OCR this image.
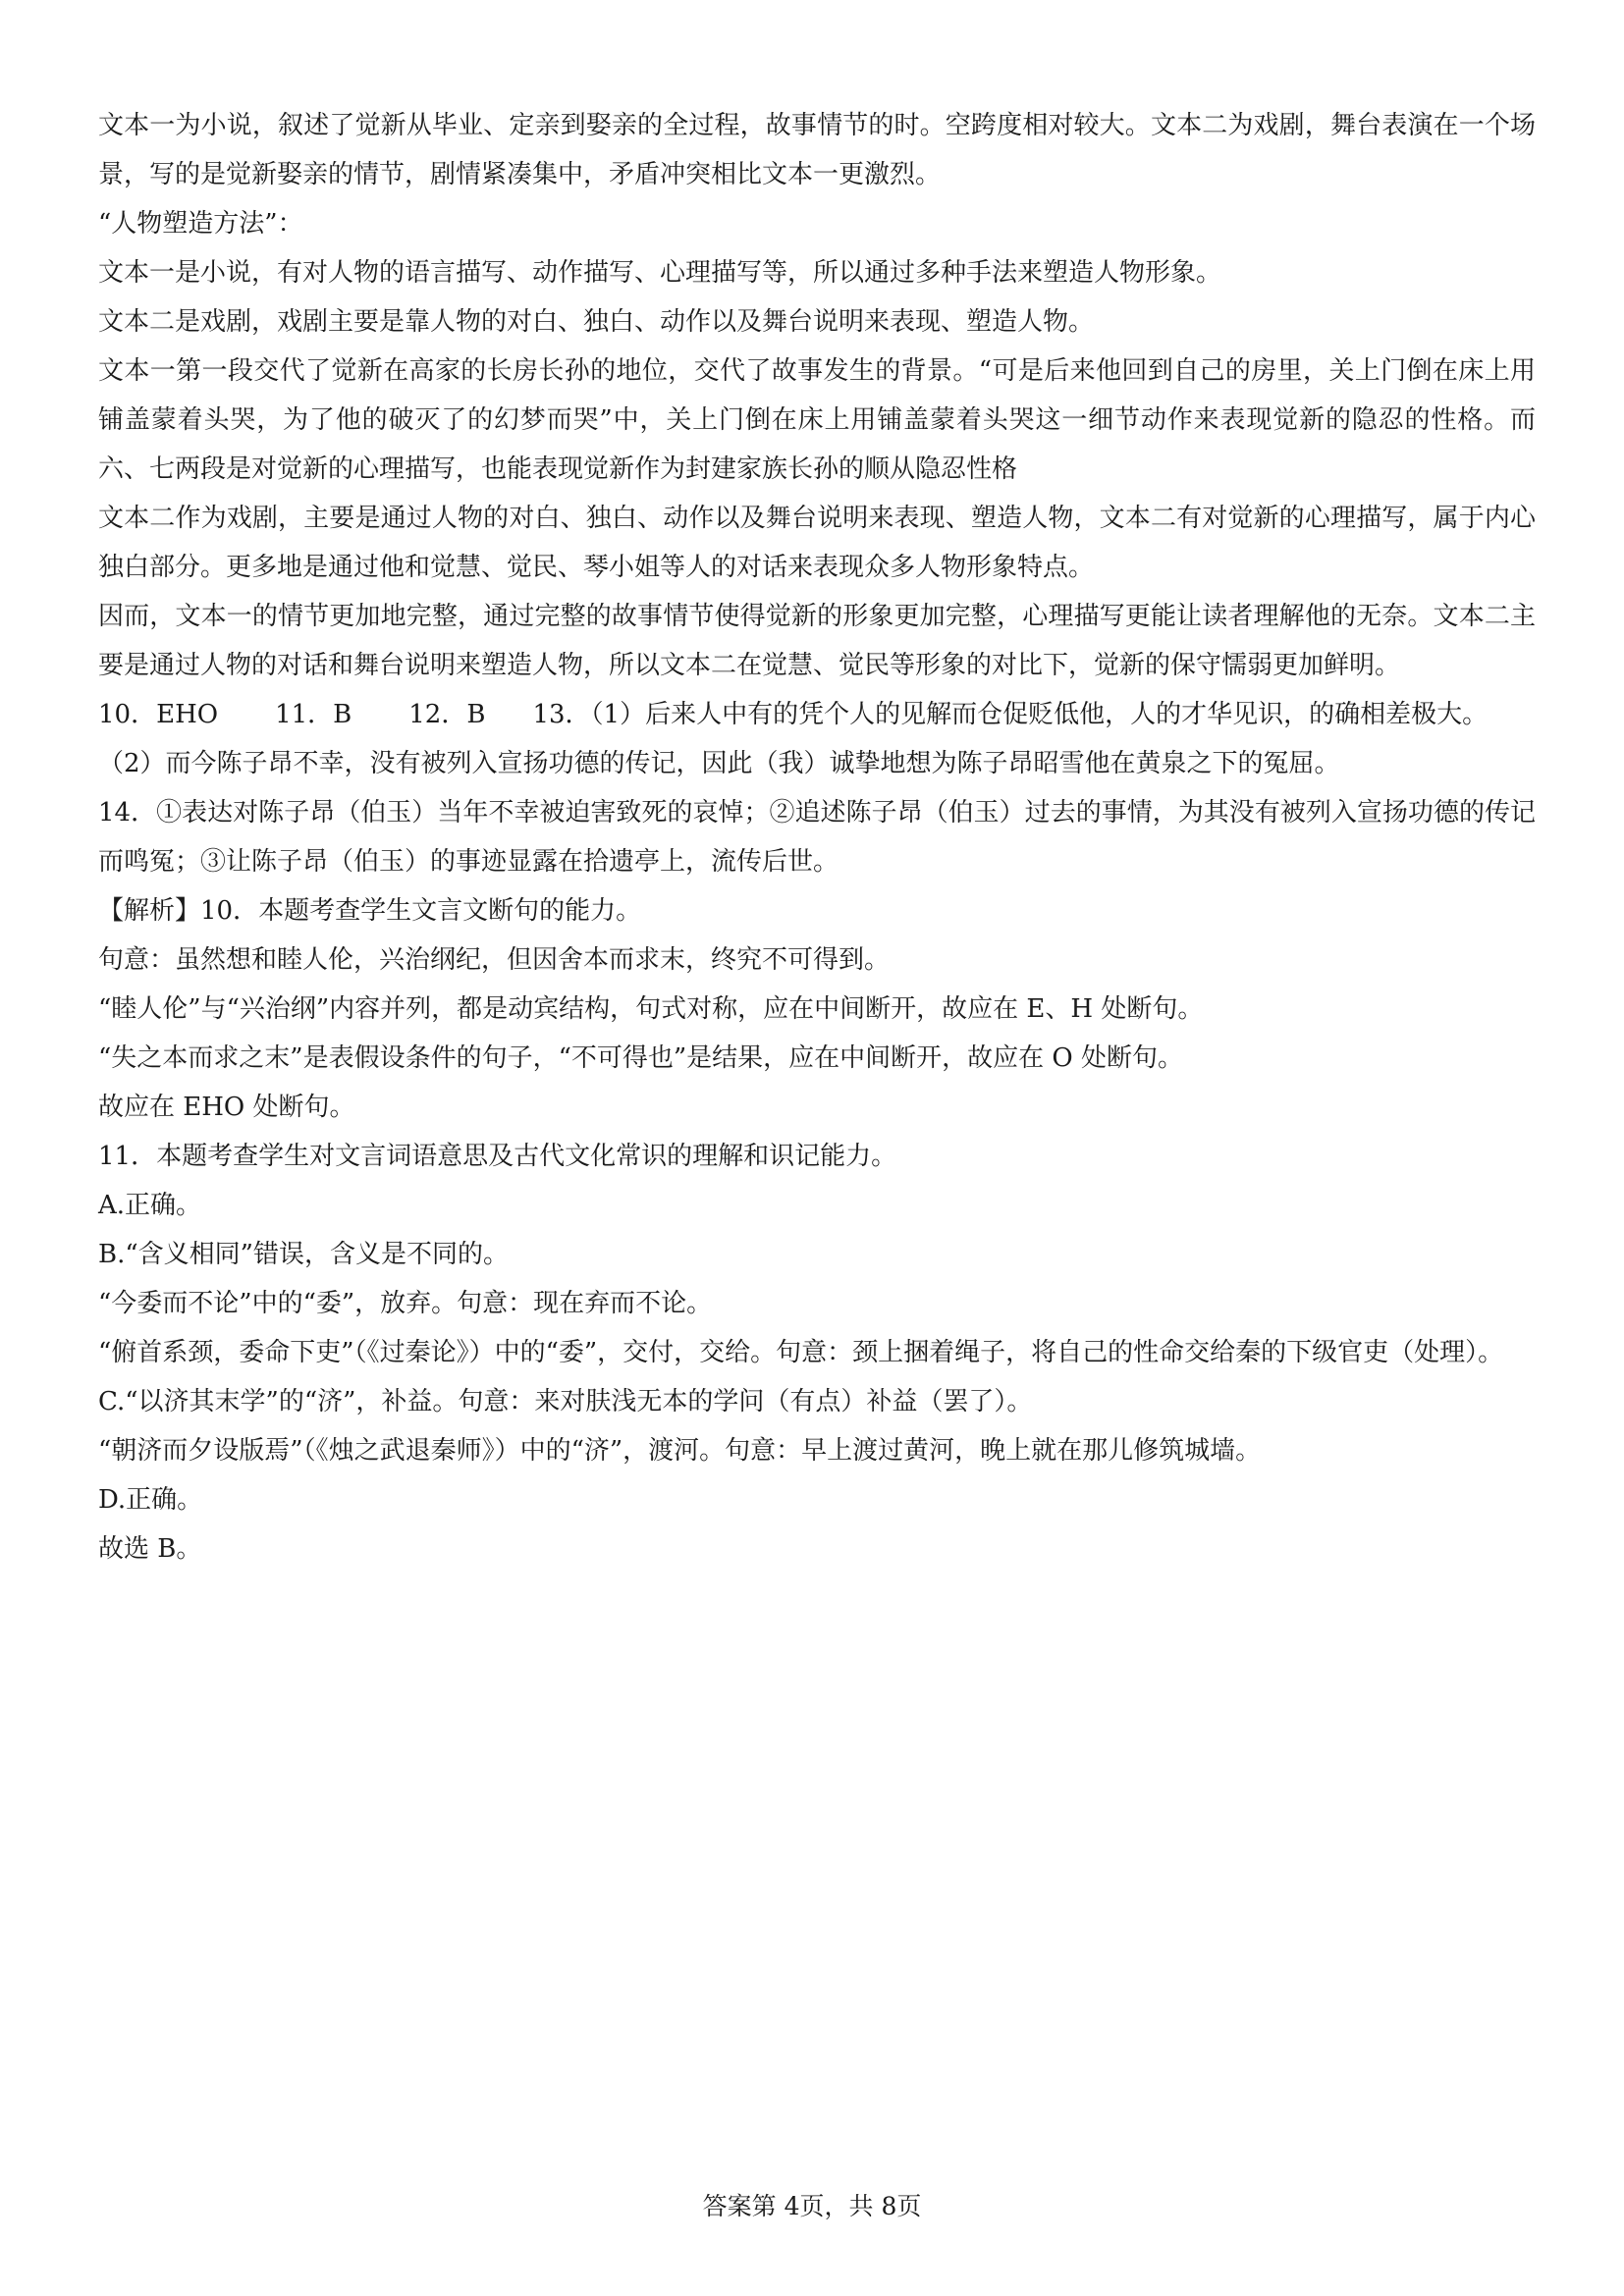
文本一为小说，叙述了觉新从毕业、定亲到娶亲的全过程，故事情节的时。空跨度相对较大。文本二为戏剧，舞台表演在一个场景，写的是觉新娶亲的情节，剧情紧凑集中，矛盾冲突相比文本一更激烈。

“人物塑造方法”：

文本一是小说，有对人物的语言描写、动作描写、心理描写等，所以通过多种手法来塑造人物形象。

文本二是戏剧，戏剧主要是靠人物的对白、独白、动作以及舞台说明来表现、塑造人物。

文本一第一段交代了觉新在高家的长房长孙的地位，交代了故事发生的背景。“可是后来他回到自己的房里，关上门倒在床上用铺盖蒙着头哭，为了他的破灭了的幻梦而哭”中，关上门倒在床上用铺盖蒙着头哭这一细节动作来表现觉新的隐忍的性格。而六、七两段是对觉新的心理描写，也能表现觉新作为封建家族长孙的顺从隐忍性格

文本二作为戏剧，主要是通过人物的对白、独白、动作以及舞台说明来表现、塑造人物，文本二有对觉新的心理描写，属于内心独白部分。更多地是通过他和觉慧、觉民、琴小姐等人的对话来表现众多人物形象特点。

因而，文本一的情节更加地完整，通过完整的故事情节使得觉新的形象更加完整，心理描写更能让读者理解他的无奈。文本二主要是通过人物的对话和舞台说明来塑造人物，所以文本二在觉慧、觉民等形象的对比下，觉新的保守懦弱更加鲜明。

10．EHO 11．B 12．B 13．（1）后来人中有的凭个人的见解而仓促贬低他，人的才华见识，的确相差极大。

（2）而今陈子昂不幸，没有被列入宣扬功德的传记，因此（我）诚挚地想为陈子昂昭雪他在黄泉之下的冤屈。

14．①表达对陈子昂（伯玉）当年不幸被迫害致死的哀悼；②追述陈子昂（伯玉）过去的事情，为其没有被列入宣扬功德的传记而鸣冤；③让陈子昂（伯玉）的事迹显露在拾遗亭上，流传后世。

【解析】10．本题考查学生文言文断句的能力。

句意：虽然想和睦人伦，兴治纲纪，但因舍本而求末，终究不可得到。

“睦人伦”与“兴治纲”内容并列，都是动宾结构，句式对称，应在中间断开，故应在 E、H 处断句。

“失之本而求之末”是表假设条件的句子，“不可得也”是结果，应在中间断开，故应在 O 处断句。

故应在 EHO 处断句。

11．本题考查学生对文言词语意思及古代文化常识的理解和识记能力。

A.正确。

B.“含义相同”错误，含义是不同的。

“今委而不论”中的“委”，放弃。句意：现在弃而不论。

“俯首系颈，委命下吏”（《过秦论》）中的“委”，交付，交给。句意：颈上捆着绳子，将自己的性命交给秦的下级官吏（处理）。

C.“以济其末学”的“济”，补益。句意：来对肤浅无本的学问（有点）补益（罢了）。

“朝济而夕设版焉”（《烛之武退秦师》）中的“济”，渡河。句意：早上渡过黄河，晚上就在那儿修筑城墙。

D.正确。

故选 B。

答案第 4页，共 8页
